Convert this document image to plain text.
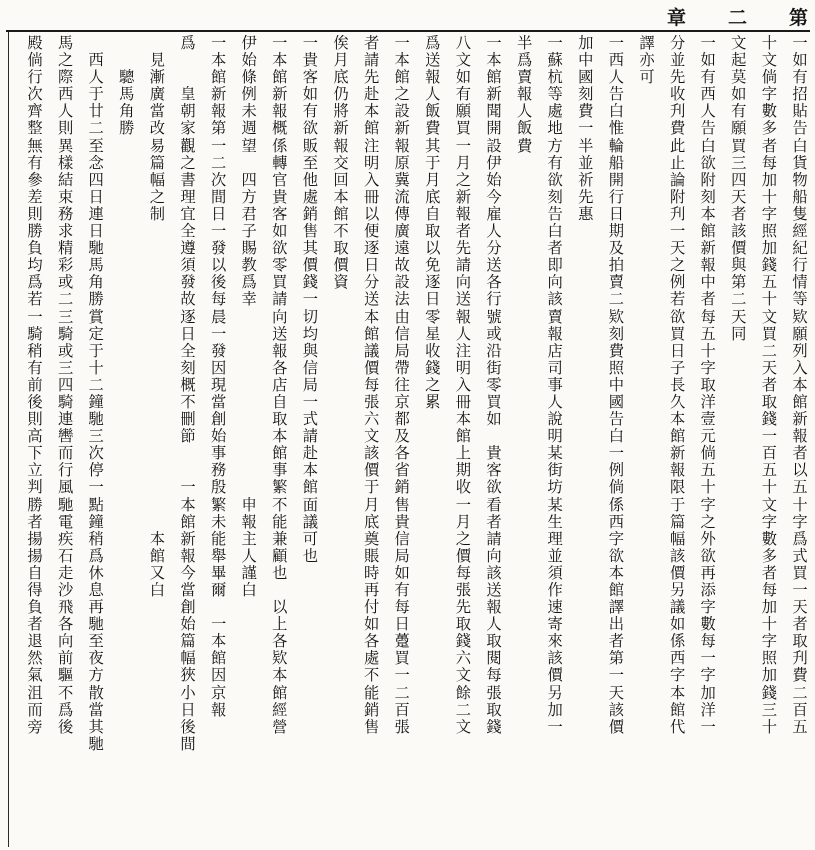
章 二 第
一
如
有
招
貼
告
白
貨
物
船
隻
經
紀
行
情
等
欵
願
列
入
本
館
新
報
者
以
五
十
字
爲
式
買
一
天
者
取
刋
費
二
百
五
十
文
倘
字
數
多
者
每
加
十
字
照
加
錢
五
十
文
買
二
天
者
取
錢
一
百
五
十
文
字
數
多
者
每
加
十
字
照
加
錢
三
十
文
起
莫
如
有
願
買
三
四
天
者
該
價
與
第
二
天
同
一
如
有
西
人
告
白
欲
附
刻
本
館
新
報
中
者
每
五
十
字
取
洋
壹
元
倘
五
十
字
之
外
欲
再
添
字
數
每
一
字
加
洋
一
分
並
先
收
刋
費
此
止
論
附
刋
一
天
之
例
若
欲
買
日
子
長
久
本
館
新
報
限
于
篇
幅
該
價
另
議
如
係
西
字
本
館
代
譯
亦
可
一
西
人
告
白
惟
輪
船
開
行
日
期
及
拍
賣
二
欵
刻
費
照
中
國
告
白
一
例
倘
係
西
字
欲
本
館
譯
出
者
第
一
天
該
價
加
中
國
刻
費
一
半
並
祈
先
惠
一
蘇
杭
等
處
地
方
有
欲
刻
告
白
者
即
向
該
賣
報
店
司
事
人
說
明
某
街
坊
某
生
理
並
須
作
速
寄
來
該
價
另
加
一
半
爲
賣
報
人
飯
費
一
本
館
新
聞
開
設
伊
始
今
雇
人
分
送
各
行
號
或
沿
街
零
買
如

貴
客
欲
看
者
請
向
該
送
報
人
取
閱
每
張
取
錢
八
文
如
有
願
買
一
月
之
新
報
者
先
請
向
送
報
人
注
明
入
冊
本
館
上
期
收
一
月
之
價
每
張
先
取
錢
六
文
餘
二
文
爲
送
報
人
飯
費
其
于
月
底
自
取
以
免
逐
日
零
星
收
錢
之
累
一
本
館
之
設
新
報
原
冀
流
傳
廣
遠
故
設
法
由
信
局
帶
往
京
都
及
各
省
銷
售
貴
信
局
如
有
每
日
躉
買
一
二
百
張
者
請
先
赴
本
館
注
明
入
冊
以
便
逐
日
分
送
本
館
議
價
每
張
六
文
該
價
于
月
底
奠
賬
時
再
付
如
各
處
不
能
銷
售
俟
月
底
仍
將
新
報
交
回
本
館
不
取
價
資
一
貴
客
如
有
欲
販
至
他
處
銷
售
其
價
錢
一
切
均
與
信
局
一
式
請
赴
本
館
面
議
可
也
一
本
館
新
報
概
係
轉
官
貴
客
如
欲
零
買
請
向
送
報
各
店
自
取
本
館
事
繁
不
能
兼
顧
也

以
上
各
欵
本
館
經
營
伊
始
條
例
未
週
望

四
方
君
子
賜
教
爲
幸

申
報
主
人
謹
白
一
本
館
新
報
第
一
二
次
間
日
一
發
以
後
每
晨
一
發
因
現
當
創
始
事
務
殷
繁
未
能
舉
畢
爾

一
本
館
因
京
報
爲

皇
朝
家
觀
之
書
理
宜
全
遵
須
發
故
逐
日
全
刻
概
不
刪
節

一
本
館
新
報
今
當
創
始
篇
幅
狹
小
日
後
間
見
漸
廣
當
改
易
篇
幅
之
制

本
館
又
白
驄
馬
角
勝
西
人
于
廿
二
至
念
四
日
連
日
馳
馬
角
勝
賞
定
于
十
二
鐘
馳
三
次
停
一
點
鐘
稍
爲
休
息
再
馳
至
夜
方
散
當
其
馳
馬
之
際
西
人
則
異
樣
結
束
務
求
精
彩
或
二
三
騎
或
三
四
騎
連
轡
而
行
風
馳
電
疾
石
走
沙
飛
各
向
前
驅
不
爲
後
殿
倘
行
次
齊
整
無
有
參
差
則
勝
負
均
爲
若
一
騎
稍
有
前
後
則
高
下
立
判
勝
者
揚
揚
自
得
負
者
退
然
氣
沮
而
旁
